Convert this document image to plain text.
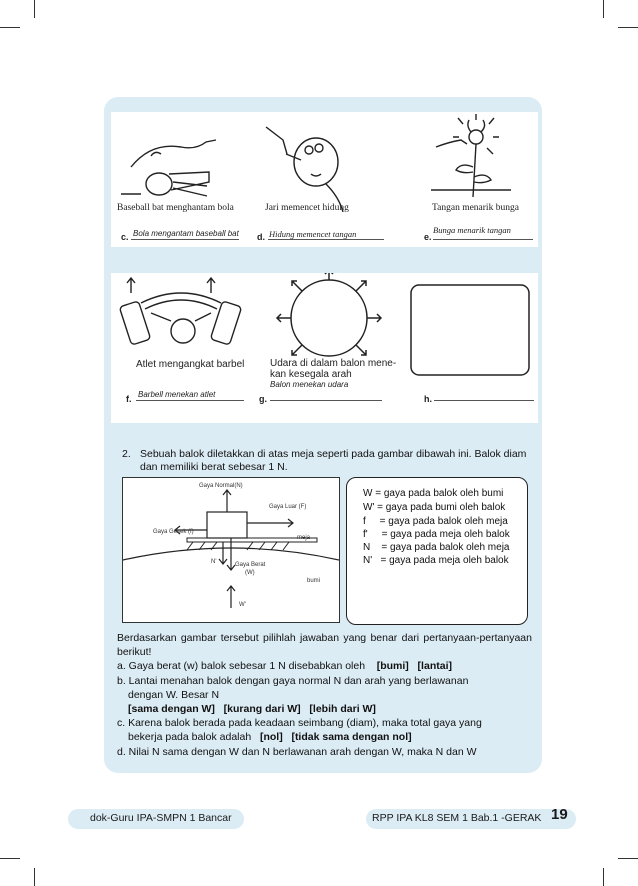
Baseball bat menghantam bola	Jari memencet hidung	Tangan menarik bunga
c. Bola mengantam baseball bat d. Hidung memencet tangan	e.
Bunga menarik tangan
Atlet mengangkat barbel	Udara di dalam balon mene-
kan kesegala arah
f. Barbell menekan atlet
Balon menekan udara
g.	h.
2. Sebuah balok diletakkan di atas meja seperti pada gambar dibawah ini. Balok diam dan memiliki berat sebesar 1 N.
Gaya Normal(N)
Gaya Luar (F)
Gaya Gesek (f)
meja
N'	Gaya Berat
(W)
bumi
W'
W = gaya pada balok oleh bumi
W' = gaya pada bumi oleh balok
f     = gaya pada balok oleh meja
f'     = gaya pada meja oleh balok
N    = gaya pada balok oleh meja
N'   = gaya pada meja oleh balok

Berdasarkan gambar tersebut pilihlah jawaban yang benar dari pertanyaan-pertanyaan berikut!

a. Gaya berat (w) balok sebesar 1 N disebabkan oleh [bumi]   [lantai]

b. Lantai menahan balok dengan gaya normal N dan arah yang berlawanan

dengan W. Besar N

[sama dengan W]   [kurang dari W]   [lebih dari W]

c. Karena balok berada pada keadaan seimbang (diam), maka total gaya yang

bekerja pada balok adalah [nol]   [tidak sama dengan nol]

d. Nilai N sama dengan W dan N berlawanan arah dengan W, maka N dan W

dok-Guru IPA-SMPN 1 Bancar	RPP IPA KL8 SEM 1 Bab.1 -GERAK 19
